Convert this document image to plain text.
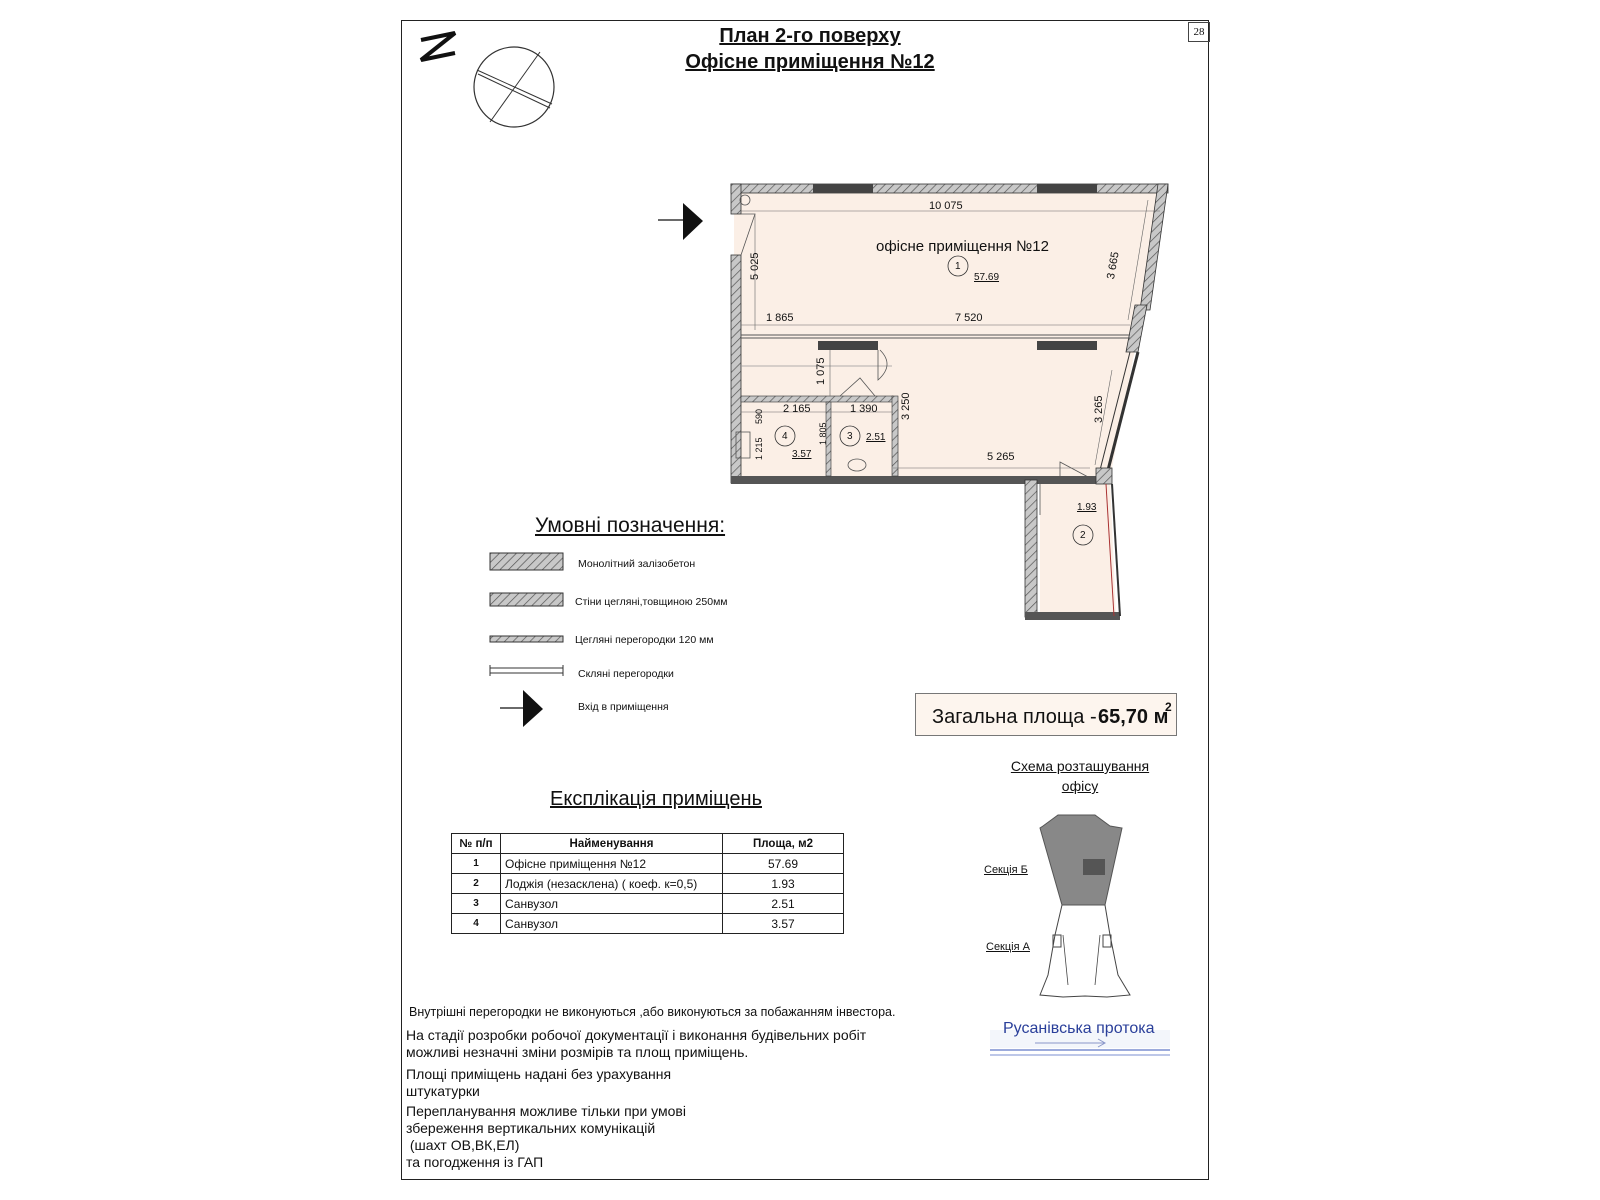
28
План 2-го поверху
Офісне приміщення №12
офісне приміщення №12
1
57.69
2
1.93
3 2.51
4
3.57
10 075
5 025
1 865	7 520
3 665
3 265
1 075
2 165	1 390 3 250
5 265
590
1 215
1 805
Умовні позначення:
Монолітний залізобетон
Стіни цегляні,товщиною 250мм
Цегляні перегородки 120 мм
Скляні перегородки
Вхід в приміщення	Загальна площа - 65,70 м
2
Схема розташування офісу
Секція Б
Секція А
Русанівська протока
Експлікація приміщень
№ п/п	Найменування	Площа, м2
1	Офісне приміщення №12	57.69
2	Лоджія (незасклена) ( коеф. к=0,5)	1.93
3	Санвузол	2.51
4	Санвузол	3.57
Внутрішні перегородки не виконуються ,або виконуються за побажанням інвестора.
На стадії розробки робочої документації і виконання будівельних робіт
можливі незначні зміни розмірів та площ приміщень.
Площі приміщень надані без урахування
штукатурки
Перепланування можливе тільки при умові
збереження вертикальних комунікацій
(шахт ОВ,ВК,ЕЛ)
та погодження із ГАП
